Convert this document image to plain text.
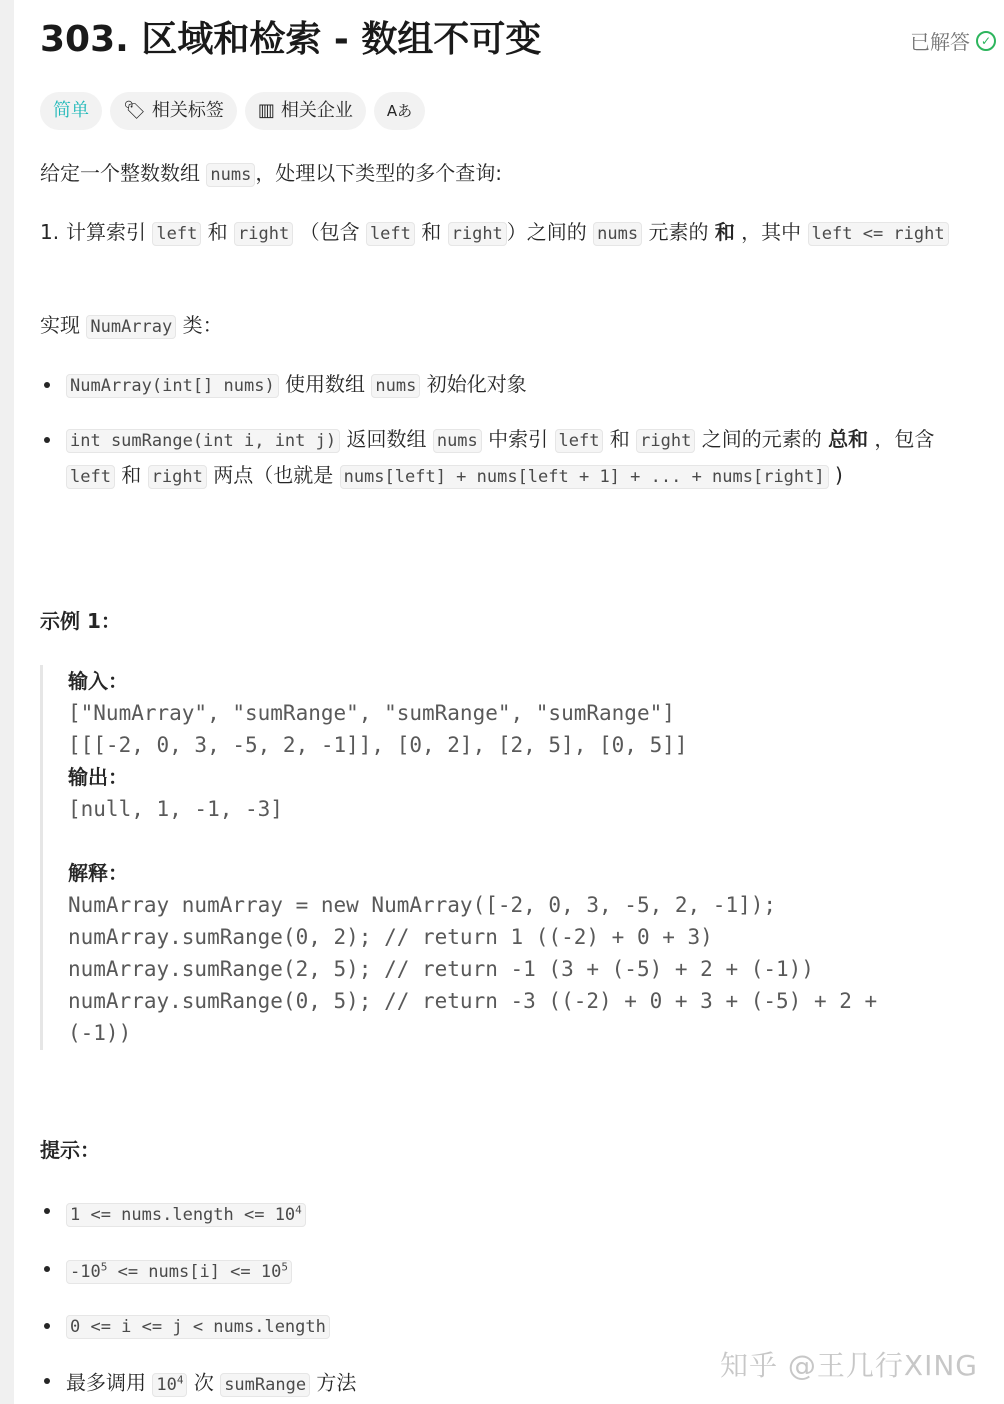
303. 区域和检索 - 数组不可变	已解答 ✓
简单 🏷︎ 相关标签 ▥ 相关企业 Aあ
给定一个整数数组 nums ，处理以下类型的多个查询:
1. 计算索引 left 和 right （包含 left 和 right ）之间的 nums 元素的 和 ，其中 left <= right
实现 NumArray 类：
NumArray(int[] nums) 使用数组 nums 初始化对象
int sumRange(int i, int j) 返回数组 nums 中索引 left 和 right 之间的元素的 总和 ，包含 left 和 right 两点（也就是 nums[left] + nums[left + 1] + ... + nums[right] )
示例 1：
输入：
["NumArray", "sumRange", "sumRange", "sumRange"]
[[[-2, 0, 3, -5, 2, -1]], [0, 2], [2, 5], [0, 5]]
输出：
[null, 1, -1, -3]

解释：
NumArray numArray = new NumArray([-2, 0, 3, -5, 2, -1]);
numArray.sumRange(0, 2); // return 1 ((-2) + 0 + 3)
numArray.sumRange(2, 5); // return -1 (3 + (-5) + 2 + (-1))
numArray.sumRange(0, 5); // return -3 ((-2) + 0 + 3 + (-5) + 2 +
(-1))
提示：
1 <= nums.length <= $10^4$
$-10^5$ <= nums[i] <= $10^5$
0 <= i <= j < nums.length
最多调用 $10^4$ 次 sumRange 方法
知乎 @王几行XING
